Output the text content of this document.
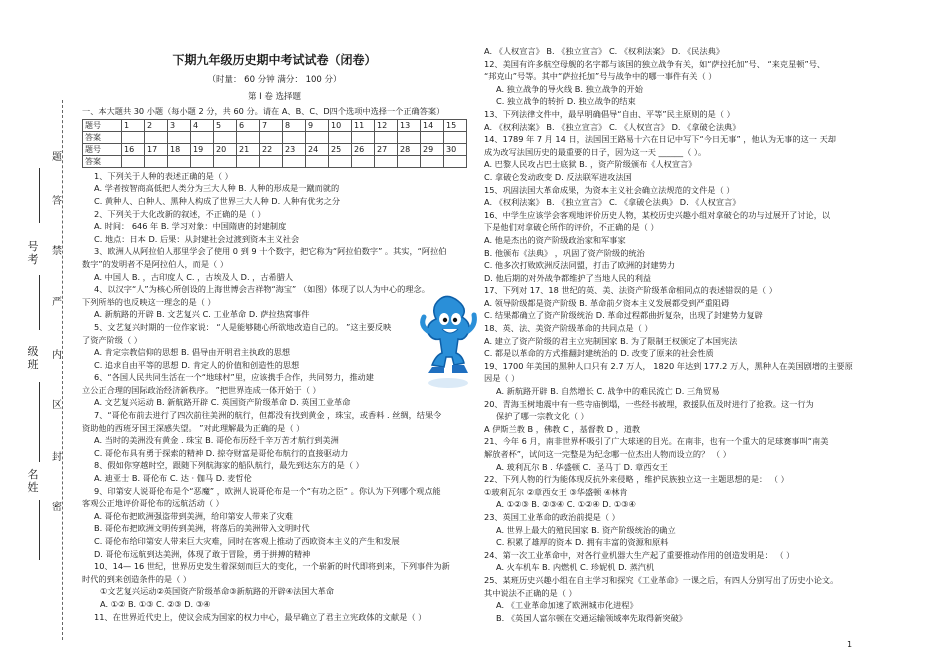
题
答
禁
严
内
区
封
密
号考
级班
名姓
下期九年级历史期中考试试卷（闭卷）
（时量： 60 分钟 满分： 100 分）
第 I 卷 选择题

一、本大题共 30 小题（每小题 2 分，共 60 分。请在 A、B、C、D四个选项中选择一个正确答案）

题号	1	2	3	4	5	6	7	8	9	10	11	12	13	14	15
答案															
题号	16	17	18	19	20	21	22	23	24	25	26	27	28	29	30
答案															

1、下列关于人种的表述正确的是（ ）

A. 学者按智商高低把人类分为三大人种 B. 人种的形成是一蹴而就的

C. 黄种人、白种人、黑种人构成了世界三大人种 D. 人种有优劣之分

2、下列关于大化改新的叙述，不正确的是（ ）

A. 时间： 646 年 B. 学习对象：中国隋唐的封建制度

C. 地点：日本 D. 后果：从封建社会过渡到资本主义社会

3、欧洲人从阿拉伯人那里学会了使用 0 到 9 十个数字，把它称为“阿拉伯数字” 。其实，“阿拉伯

数字”的发明者不是阿拉伯人，而是（ ）

A. 中国人 B. ，古印度人 C. ，古埃及人 D. ，古希腊人

4、以汉字“人”为核心所创设的上海世博会吉祥物“海宝” （如图）体现了以人为中心的理念。

下列所举的也反映这一理念的是（ ）

A. 新航路的开辟 B. 文艺复兴 C. 工业革命 D. 萨拉热窝事件

5、文艺复兴时期的一位作家说： “人是能够随心所欲地改造自己的。 ”这主要反映

了资产阶级（ ）

A. 肯定宗教信仰的思想 B. 倡导由开明君主执政的思想

C. 追求自由平等的思想 D. 肯定人的价值和创造性的思想

6、“各国人民共同生活在一个“地球村”里，应该携手合作，共同努力，推动建

立公正合理的国际政治经济新秩序。 ”把世界连成一体开始于（ ）

A. 文艺复兴运动 B. 新航路开辟 C. 英国资产阶级革命 D. 英国工业革命

7、“哥伦布前去进行了四次前往美洲的航行，但都没有找到黄金 ，珠宝，或香料 . 丝绸，结果令

资助他的西班牙国王深感失望。 ”对此理解最为正确的是（ ）

A. 当时的美洲没有黄金 . 珠宝 B. 哥伦布历经千辛万苦才航行到美洲

C. 哥伦布具有勇于探索的精神 D. 掠夺财富是哥伦布航行的直接驱动力

8、假如你穿越时空，跟随下列航海家的船队航行，最先到达东方的是（ ）

A. 迪亚士 B. 哥伦布 C. 达 · 伽马 D. 麦哲伦

9、印第安人说哥伦布是个“恶魔” ，欧洲人说哥伦布是一个“有功之臣” 。你认为下列哪个观点能

客观公正地评价哥伦布的远航活动（ ）

A. 哥伦布把欧洲强盗带到美洲，给印第安人带来了灾难

B. 哥伦布把欧洲文明传到美洲，将落后的美洲带入文明时代

C. 哥伦布给印第安人带来巨大灾难，同时在客观上推动了西欧资本主义的产生和发展

D. 哥伦布远航到达美洲，体现了敢于冒险，勇于拼搏的精神

10、14— 16 世纪，世界历史发生着深刻而巨大的变化，一个崭新的时代即将到来，下列事件为新

时代的到来创造条件的是（ ）

①文艺复兴运动②英国资产阶级革命③新航路的开辟④法国大革命

A. ①② B. ①③ C. ②③ D. ③④

11、在世界近代史上，使议会成为国家的权力中心，最早确立了君主立宪政体的文献是（ ）

A. 《人权宣言》 B. 《独立宣言》 C. 《权利法案》 D. 《民法典》

12、美国有许多航空母舰的名字都与该国的独立战争有关，如“萨拉托加”号、 “来克星顿”号、

“邦克山”号等。其中“萨拉托加”号与战争中的哪一事件有关（ ）

A. 独立战争的导火线 B. 独立战争的开始

C. 独立战争的转折 D. 独立战争的结束

13、下列法律文件中，最早明确倡导“自由、平等”民主原则的是（ ）

A. 《权利法案》 B. 《独立宣言》 C. 《人权宣言》 D. 《拿破仑法典》

14、1789 年 7 月 14 日，法国国王路易十六在日记中写下“今日无事” ，他认为无事的这一 天却

成为改写法国历史的最重要的日子，因为这一天 ______（ ）。

A. 巴黎人民攻占巴士底狱 B. ，资产阶级颁布《人权宣言》

C. 拿破仑发动政变 D. 反法联军进攻法国

15、巩固法国大革命成果，为资本主义社会确立法规范的文件是（ ）

A. 《权利法案》 B. 《独立宣言》 C. 《拿破仑法典》 D. 《人权宣言》

16、中学生应该学会客观地评价历史人物，某校历史兴趣小组对拿破仑的功与过展开了讨论，以

下是他们对拿破仑所作的评价，不正确的是（ ）

A. 他是杰出的资产阶级政治家和军事家

B. 他颁布《法典》 ，巩固了资产阶级的统治

C. 他多次打败欧洲反法同盟，打击了欧洲的封建势力

D. 他后期的对外战争都维护了当地人民的利益

17、下列对 17、18 世纪的英、美、法资产阶级革命相同点的表述错误的是（ ）

A. 领导阶级都是资产阶级 B. 革命前夕资本主义发展都受到严重阻碍

C. 结果都确立了资产阶级统治 D. 革命过程都曲折复杂，出现了封建势力复辟

18、英、法、美资产阶级革命的共同点是（ ）

A. 建立了资产阶级的君主立宪制国家 B. 为了限制王权颁定了本国宪法

C. 都是以革命的方式推翻封建统治的 D. 改变了原来的社会性质

19、1700 年美国的黑种人口只有 2.7 万人， 1820 年达到 177.2 万人，黑种人在美国剧增的主要原

因是（ ）

A. 新航路开辟 B. 自然增长 C. 战争中的难民流亡 D. 三角贸易

20、青海玉树地震中有一些寺庙倒塌，一些经书被埋，救援队伍及时进行了抢救。这一行为

保护了哪一宗教文化（ ）

A 伊斯兰教 B ，佛教 C ，基督教 D ，道教

21、今年 6 月，南非世界杯吸引了广大球迷的目光。在南非，也有一个重大的足球赛事叫“南美

解放者杯”，试问这一完整是为纪念哪一位杰出人物而设立的？ （ ）

A. 玻利瓦尔 B . 华盛顿 C．圣马丁 D. 章西女王

22、下列人物的行为能体现反抗外来侵略 ，维护民族独立这一主题思想的是： （ ）

①玻利瓦尔 ②章西女王 ③华盛顿 ④林肯

A. ①②③ B. ②③④ C. ①②④ D. ①③④

23、英国工业革命的政治前提是（ ）

A. 世界上最大的殖民国家 B. 资产阶级统治的确立

C. 积累了雄厚的资本 D. 拥有丰富的资源和原料

24、第一次工业革命中，对各行业机器大生产起了重要推动作用的创造发明是： （ ）

A. 火车机车 B. 内燃机 C. 珍妮机 D. 蒸汽机

25、某班历史兴趣小组在自主学习和探究《工业革命》一课之后，有四人分别写出了历史小论文。

其中说法不正确的是（ ）

A. 《工业革命加速了欧洲城市化进程》

B. 《英国人富尔顿在交通运输领域率先取得新突破》

1
